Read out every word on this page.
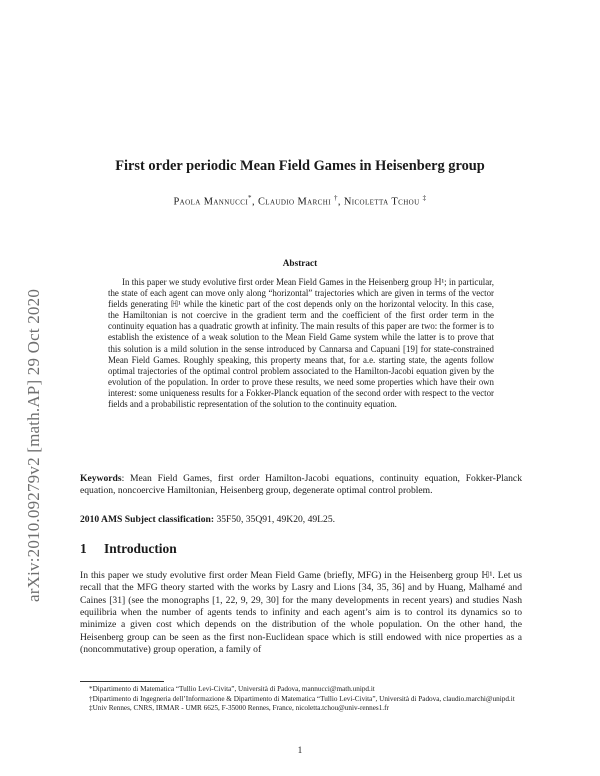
arXiv:2010.09279v2 [math.AP] 29 Oct 2020
First order periodic Mean Field Games in Heisenberg group
Paola Mannucci*, Claudio Marchi †, Nicoletta Tchou ‡
Abstract
In this paper we study evolutive first order Mean Field Games in the Heisenberg group ℍ¹; in particular, the state of each agent can move only along “horizontal” trajectories which are given in terms of the vector fields generating ℍ¹ while the kinetic part of the cost depends only on the horizontal velocity. In this case, the Hamiltonian is not coercive in the gradient term and the coefficient of the first order term in the continuity equation has a quadratic growth at infinity. The main results of this paper are two: the former is to establish the existence of a weak solution to the Mean Field Game system while the latter is to prove that this solution is a mild solution in the sense introduced by Cannarsa and Capuani [19] for state-constrained Mean Field Games. Roughly speaking, this property means that, for a.e. starting state, the agents follow optimal trajectories of the optimal control problem associated to the Hamilton-Jacobi equation given by the evolution of the population. In order to prove these results, we need some properties which have their own interest: some uniqueness results for a Fokker-Planck equation of the second order with respect to the vector fields and a probabilistic representation of the solution to the continuity equation.
Keywords: Mean Field Games, first order Hamilton-Jacobi equations, continuity equation, Fokker-Planck equation, noncoercive Hamiltonian, Heisenberg group, degenerate optimal control problem.
2010 AMS Subject classification: 35F50, 35Q91, 49K20, 49L25.
1 Introduction
In this paper we study evolutive first order Mean Field Game (briefly, MFG) in the Heisenberg group ℍ¹. Let us recall that the MFG theory started with the works by Lasry and Lions [34, 35, 36] and by Huang, Malhamé and Caines [31] (see the monographs [1, 22, 9, 29, 30] for the many developments in recent years) and studies Nash equilibria when the number of agents tends to infinity and each agent’s aim is to control its dynamics so to minimize a given cost which depends on the distribution of the whole population. On the other hand, the Heisenberg group can be seen as the first non-Euclidean space which is still endowed with nice properties as a (noncommutative) group operation, a family of

*Dipartimento di Matematica “Tullio Levi-Civita”, Università di Padova, mannucci@math.unipd.it

†Dipartimento di Ingegneria dell’Informazione & Dipartimento di Matematica “Tullio Levi-Civita”, Università di Padova, claudio.marchi@unipd.it

‡Univ Rennes, CNRS, IRMAR - UMR 6625, F-35000 Rennes, France, nicoletta.tchou@univ-rennes1.fr

1
